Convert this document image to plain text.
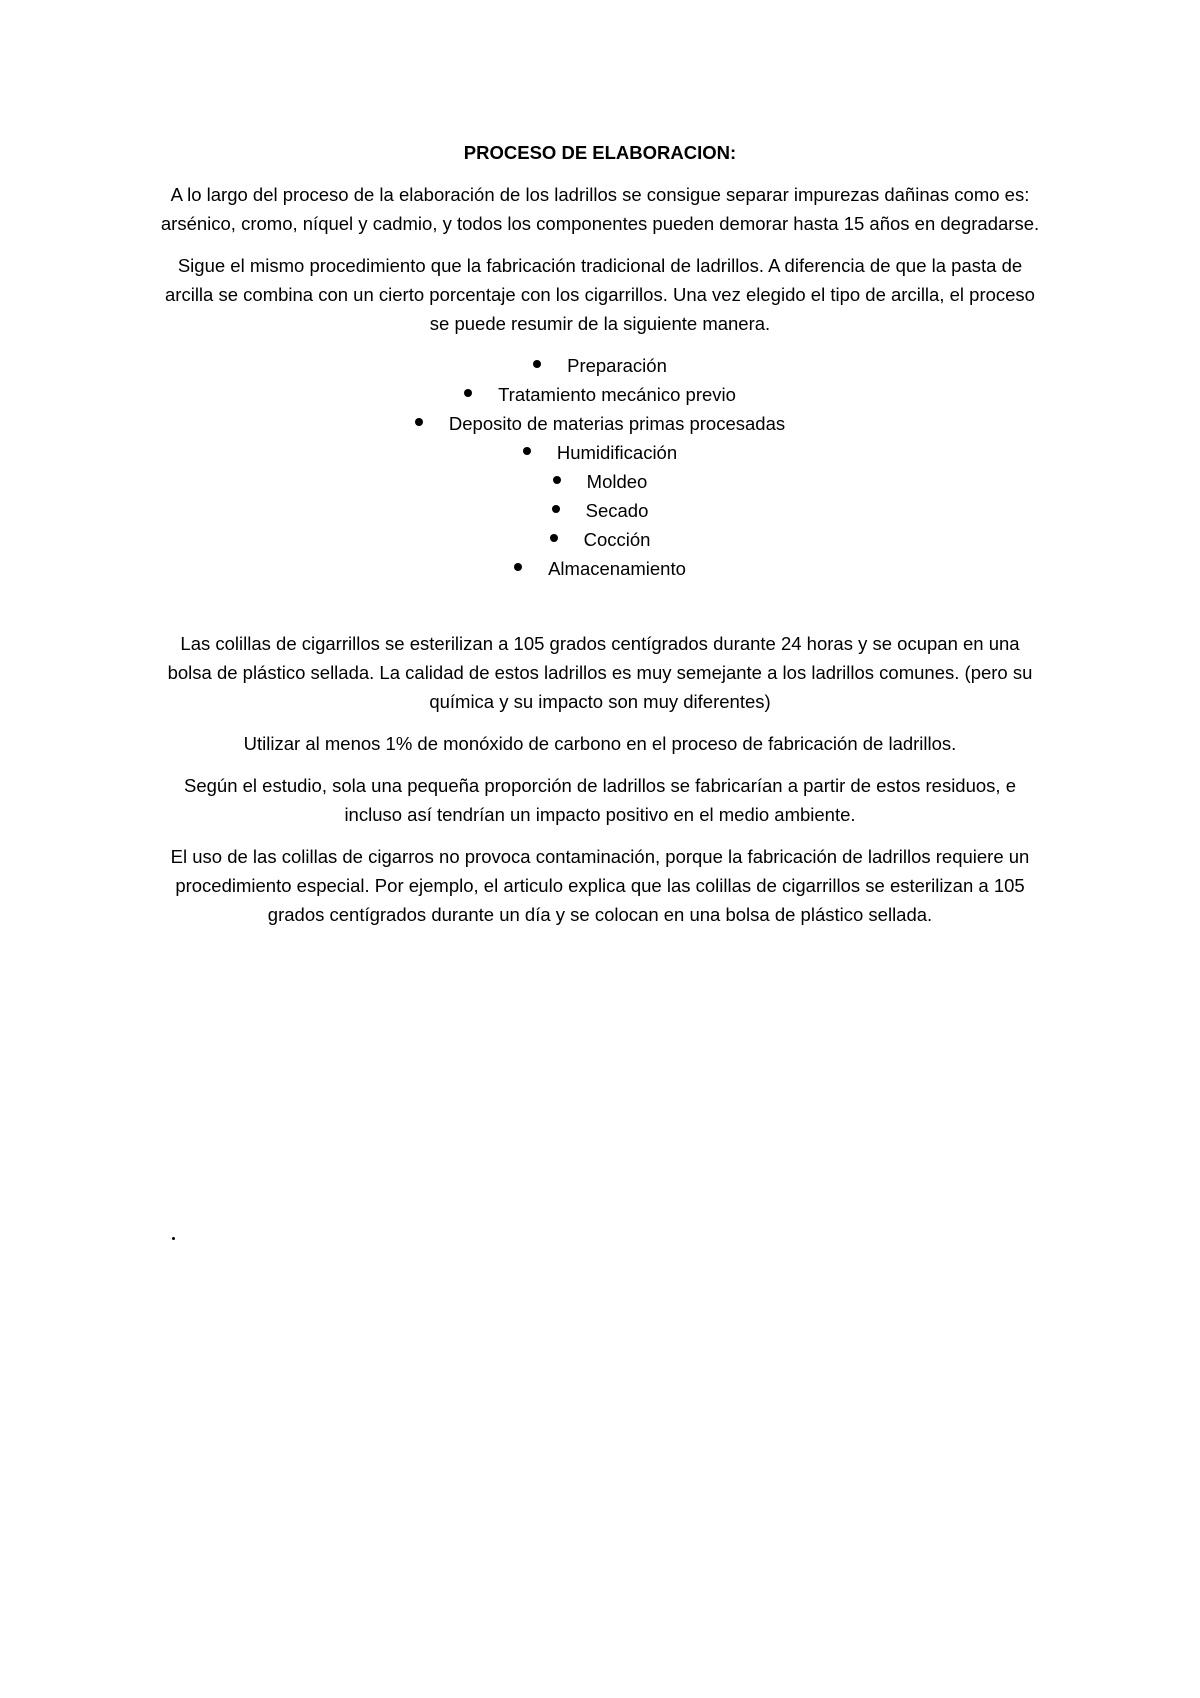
PROCESO DE ELABORACION:

A lo largo del proceso de la elaboración de los ladrillos se consigue separar impurezas dañinas como es: arsénico, cromo, níquel y cadmio, y todos los componentes pueden demorar hasta 15 años en degradarse.

Sigue el mismo procedimiento que la fabricación tradicional de ladrillos. A diferencia de que la pasta de arcilla se combina con un cierto porcentaje con los cigarrillos. Una vez elegido el tipo de arcilla, el proceso se puede resumir de la siguiente manera.

Preparación
Tratamiento mecánico previo
Deposito de materias primas procesadas
Humidificación
Moldeo
Secado
Cocción
Almacenamiento

Las colillas de cigarrillos se esterilizan a 105 grados centígrados durante 24 horas y se ocupan en una bolsa de plástico sellada. La calidad de estos ladrillos es muy semejante a los ladrillos comunes. (pero su química y su impacto son muy diferentes)

Utilizar al menos 1% de monóxido de carbono en el proceso de fabricación de ladrillos.

Según el estudio, sola una pequeña proporción de ladrillos se fabricarían a partir de estos residuos, e incluso así tendrían un impacto positivo en el medio ambiente.

El uso de las colillas de cigarros no provoca contaminación, porque la fabricación de ladrillos requiere un procedimiento especial. Por ejemplo, el articulo explica que las colillas de cigarrillos se esterilizan a 105 grados centígrados durante un día y se colocan en una bolsa de plástico sellada.
